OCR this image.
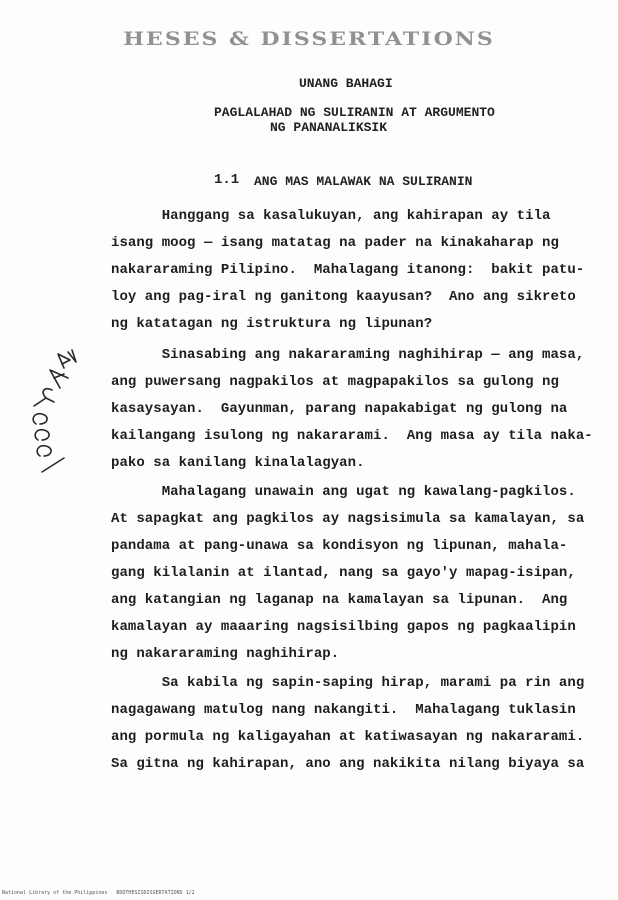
HESES & DISSERTATIONS
UNANG BAHAGI
PAGLALAHAD NG SULIRANIN AT ARGUMENTO
NG PANANALIKSIK
1.1 ANG MAS MALAWAK NA SULIRANIN
Hanggang sa kasalukuyan, ang kahirapan ay tila
isang moog — isang matatag na pader na kinakaharap ng
nakararaming Pilipino.  Mahalagang itanong:  bakit patu-
loy ang pag-iral ng ganitong kaayusan?  Ano ang sikreto
ng katatagan ng istruktura ng lipunan?
Sinasabing ang nakararaming naghihirap — ang masa,
ang puwersang nagpakilos at magpapakilos sa gulong ng
kasaysayan.  Gayunman, parang napakabigat ng gulong na
kailangang isulong ng nakararami.  Ang masa ay tila naka-
pako sa kanilang kinalalagyan.
Mahalagang unawain ang ugat ng kawalang-pagkilos.
At sapagkat ang pagkilos ay nagsisimula sa kamalayan, sa
pandama at pang-unawa sa kondisyon ng lipunan, mahala-
gang kilalanin at ilantad, nang sa gayo'y mapag-isipan,
ang katangian ng laganap na kamalayan sa lipunan.  Ang
kamalayan ay maaaring nagsisilbing gapos ng pagkaalipin
ng nakararaming naghihirap.
Sa kabila ng sapin-saping hirap, marami pa rin ang
nagagawang matulog nang nakangiti.  Mahalagang tuklasin
ang pormula ng kaligayahan at katiwasayan ng nakararami.
Sa gitna ng kahirapan, ano ang nakikita nilang biyaya sa
National Library of the Philippines   BOOTHESISDISSERTATIONS 1/2
